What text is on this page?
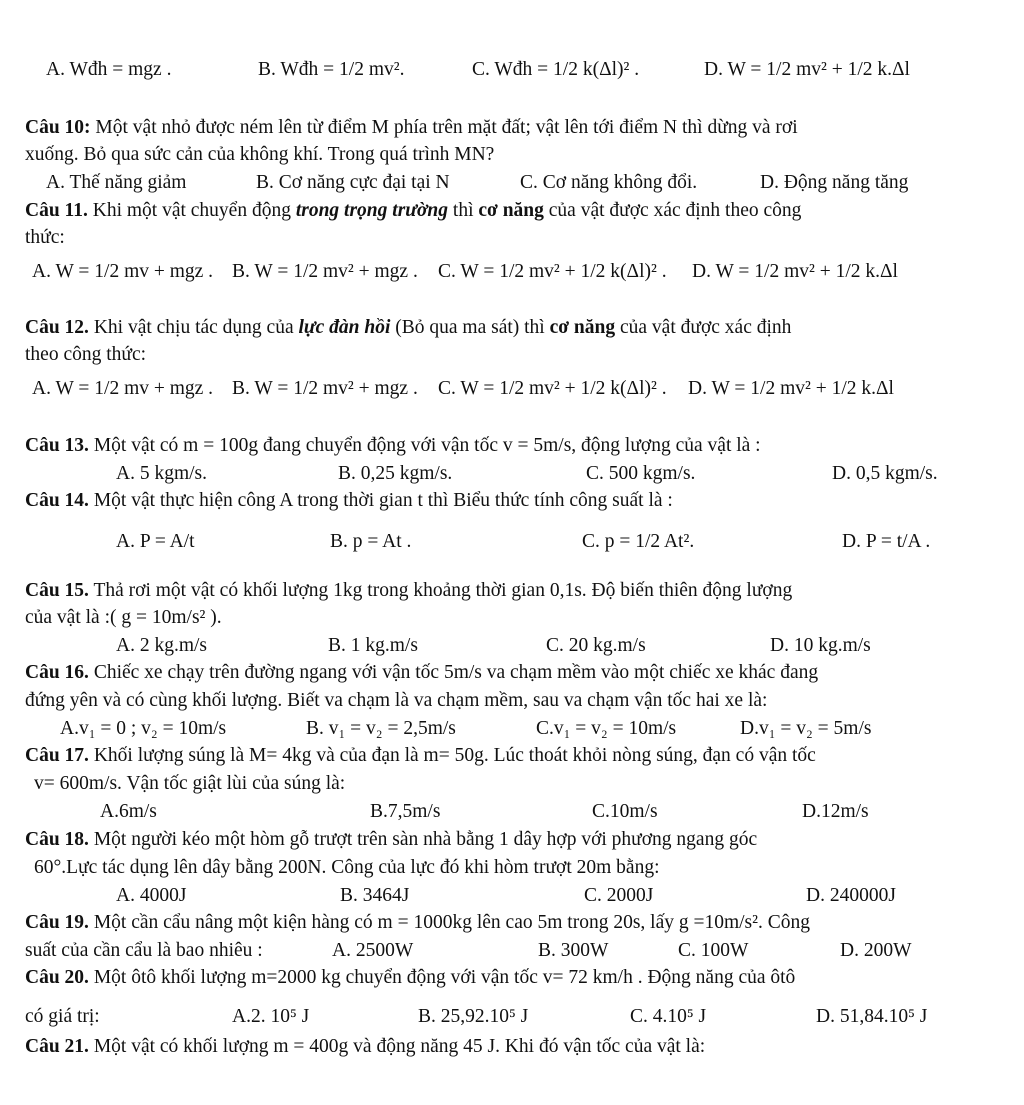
A. Wđh = mgz .	B. Wđh = 1/2 mv².	C. Wđh = 1/2 k(Δl)² .	D. W = 1/2 mv² + 1/2 k.Δl
Câu 10: Một vật nhỏ được ném lên từ điểm M phía trên mặt đất; vật lên tới điểm N thì dừng và rơi
xuống. Bỏ qua sức cản của không khí. Trong quá trình MN?
A. Thế năng giảm	B. Cơ năng cực đại tại N	C. Cơ năng không đổi.	D. Động năng tăng
Câu 11. Khi một vật chuyển động trong trọng trường thì cơ năng của vật được xác định theo công
thức:
A. W = 1/2 mv + mgz . B. W = 1/2 mv² + mgz . C. W = 1/2 mv² + 1/2 k(Δl)² . D. W = 1/2 mv² + 1/2 k.Δl
Câu 12. Khi vật chịu tác dụng của lực đàn hồi (Bỏ qua ma sát) thì cơ năng của vật được xác định
theo công thức:
A. W = 1/2 mv + mgz . B. W = 1/2 mv² + mgz . C. W = 1/2 mv² + 1/2 k(Δl)² . D. W = 1/2 mv² + 1/2 k.Δl
Câu 13. Một vật có m = 100g đang chuyển động với vận tốc v = 5m/s, động lượng của vật là :
A. 5 kgm/s.	B. 0,25 kgm/s.	C. 500 kgm/s.	D. 0,5 kgm/s.
Câu 14. Một vật thực hiện công A trong thời gian t thì Biểu thức tính công suất là :
A. P = A/t	B. p = At .	C. p = 1/2 At².	D. P = t/A .
Câu 15. Thả rơi một vật có khối lượng 1kg trong khoảng thời gian 0,1s. Độ biến thiên động lượng
của vật là :( g = 10m/s² ).
A. 2 kg.m/s	B. 1 kg.m/s	C. 20 kg.m/s	D. 10 kg.m/s
Câu 16. Chiếc xe chạy trên đường ngang với vận tốc 5m/s va chạm mềm vào một chiếc xe khác đang
đứng yên và có cùng khối lượng. Biết va chạm là va chạm mềm, sau va chạm vận tốc hai xe là:
A.v₁ = 0 ; v₂ = 10m/s	B. v₁ = v₂ = 2,5m/s	C.v₁ = v₂ = 10m/s	D.v₁ = v₂ = 5m/s
Câu 17. Khối lượng súng là M= 4kg và của đạn là m= 50g. Lúc thoát khỏi nòng súng, đạn có vận tốc
v= 600m/s. Vận tốc giật lùi của súng là:
A.6m/s	B.7,5m/s	C.10m/s	D.12m/s
Câu 18. Một người kéo một hòm gỗ trượt trên sàn nhà bằng 1 dây hợp với phương ngang góc
60°.Lực tác dụng lên dây bằng 200N. Công của lực đó khi hòm trượt 20m bằng:
A. 4000J	B. 3464J	C. 2000J	D. 240000J
Câu 19. Một cần cẩu nâng một kiện hàng có m = 1000kg lên cao 5m trong 20s, lấy g =10m/s². Công
suất của cần cẩu là bao nhiêu :	A. 2500W	B. 300W	C. 100W	D. 200W
Câu 20. Một ôtô khối lượng m=2000 kg chuyển động với vận tốc v= 72 km/h . Động năng của ôtô
có giá trị:	A.2. 10⁵ J	B. 25,92.10⁵ J	C. 4.10⁵ J	D. 51,84.10⁵ J
Câu 21. Một vật có khối lượng m = 400g và động năng 45 J. Khi đó vận tốc của vật là:
